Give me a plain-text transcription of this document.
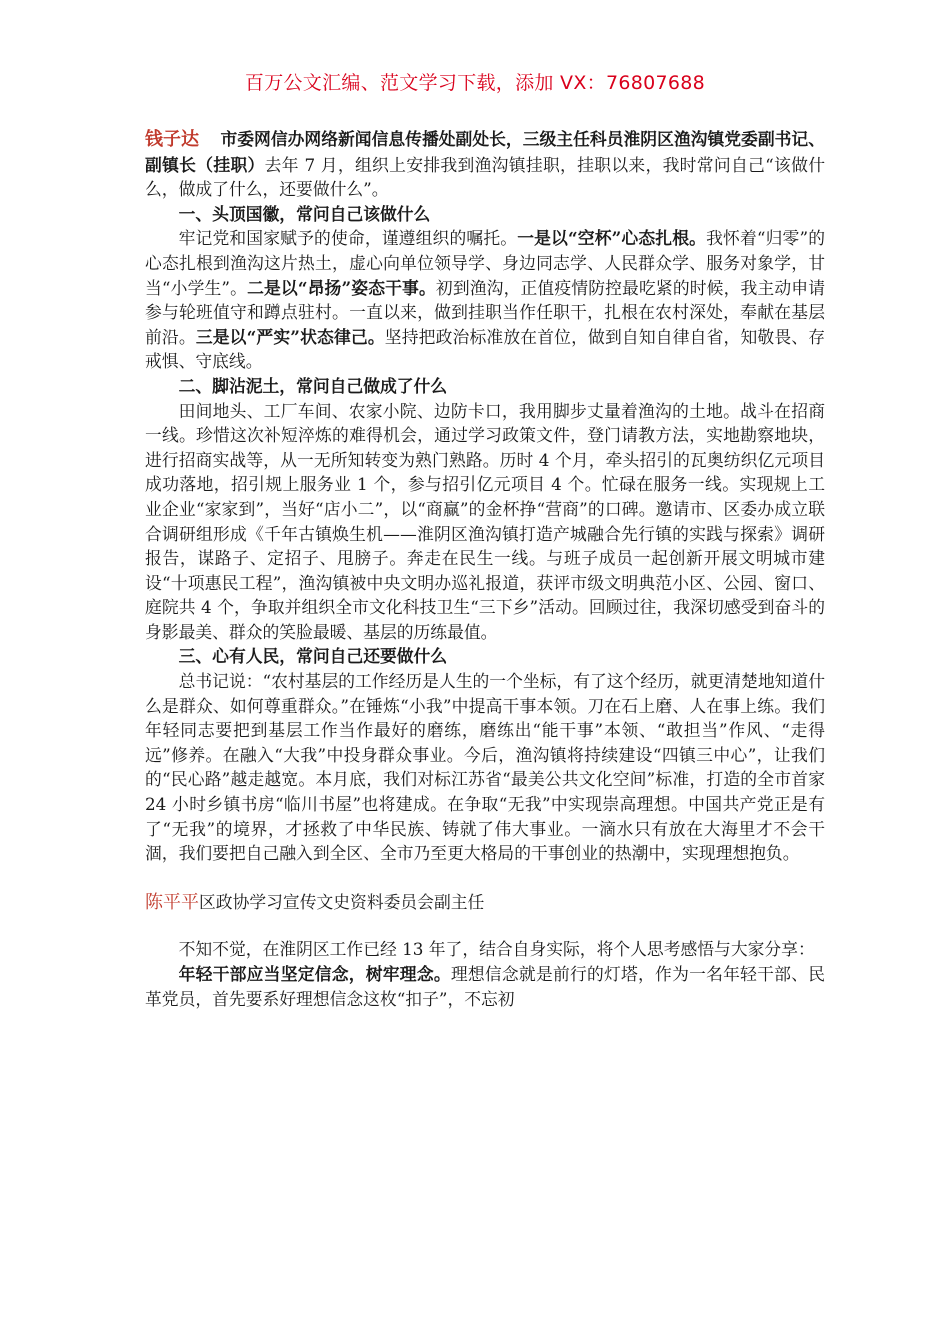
百万公文汇编、范文学习下载，添加 VX：76807688

钱子达 市委网信办网络新闻信息传播处副处长，三级主任科员淮阴区渔沟镇党委副书记、副镇长（挂职）去年 7 月，组织上安排我到渔沟镇挂职，挂职以来，我时常问自己“该做什么，做成了什么，还要做什么”。

一、头顶国徽，常问自己该做什么

牢记党和国家赋予的使命，谨遵组织的嘱托。一是以“空杯”心态扎根。我怀着“归零”的心态扎根到渔沟这片热土，虚心向单位领导学、身边同志学、人民群众学、服务对象学，甘当“小学生”。二是以“昂扬”姿态干事。初到渔沟，正值疫情防控最吃紧的时候，我主动申请参与轮班值守和蹲点驻村。一直以来，做到挂职当作任职干，扎根在农村深处，奉献在基层前沿。三是以“严实”状态律己。坚持把政治标准放在首位，做到自知自律自省，知敬畏、存戒惧、守底线。

二、脚沾泥土，常问自己做成了什么

田间地头、工厂车间、农家小院、边防卡口，我用脚步丈量着渔沟的土地。战斗在招商一线。珍惜这次补短淬炼的难得机会，通过学习政策文件，登门请教方法，实地勘察地块，进行招商实战等，从一无所知转变为熟门熟路。历时 4 个月，牵头招引的瓦奥纺织亿元项目成功落地，招引规上服务业 1 个，参与招引亿元项目 4 个。忙碌在服务一线。实现规上工业企业“家家到”，当好“店小二”，以“商赢”的金杯挣“营商”的口碑。邀请市、区委办成立联合调研组形成《千年古镇焕生机——淮阴区渔沟镇打造产城融合先行镇的实践与探索》调研报告，谋路子、定招子、甩膀子。奔走在民生一线。与班子成员一起创新开展文明城市建设“十项惠民工程”，渔沟镇被中央文明办巡礼报道，获评市级文明典范小区、公园、窗口、庭院共 4 个，争取并组织全市文化科技卫生“三下乡”活动。回顾过往，我深切感受到奋斗的身影最美、群众的笑脸最暖、基层的历练最值。

三、心有人民，常问自己还要做什么

总书记说：“农村基层的工作经历是人生的一个坐标，有了这个经历，就更清楚地知道什么是群众、如何尊重群众。”在锤炼“小我”中提高干事本领。刀在石上磨、人在事上练。我们年轻同志要把到基层工作当作最好的磨练，磨练出“能干事”本领、“敢担当”作风、“走得远”修养。在融入“大我”中投身群众事业。今后，渔沟镇将持续建设“四镇三中心”，让我们的“民心路”越走越宽。本月底，我们对标江苏省“最美公共文化空间”标准，打造的全市首家 24 小时乡镇书房“临川书屋”也将建成。在争取“无我”中实现崇高理想。中国共产党正是有了“无我”的境界，才拯救了中华民族、铸就了伟大事业。一滴水只有放在大海里才不会干涸，我们要把自己融入到全区、全市乃至更大格局的干事创业的热潮中，实现理想抱负。

陈平平区政协学习宣传文史资料委员会副主任

不知不觉，在淮阴区工作已经 13 年了，结合自身实际，将个人思考感悟与大家分享：

年轻干部应当坚定信念，树牢理念。理想信念就是前行的灯塔，作为一名年轻干部、民革党员，首先要系好理想信念这枚“扣子”，不忘初
